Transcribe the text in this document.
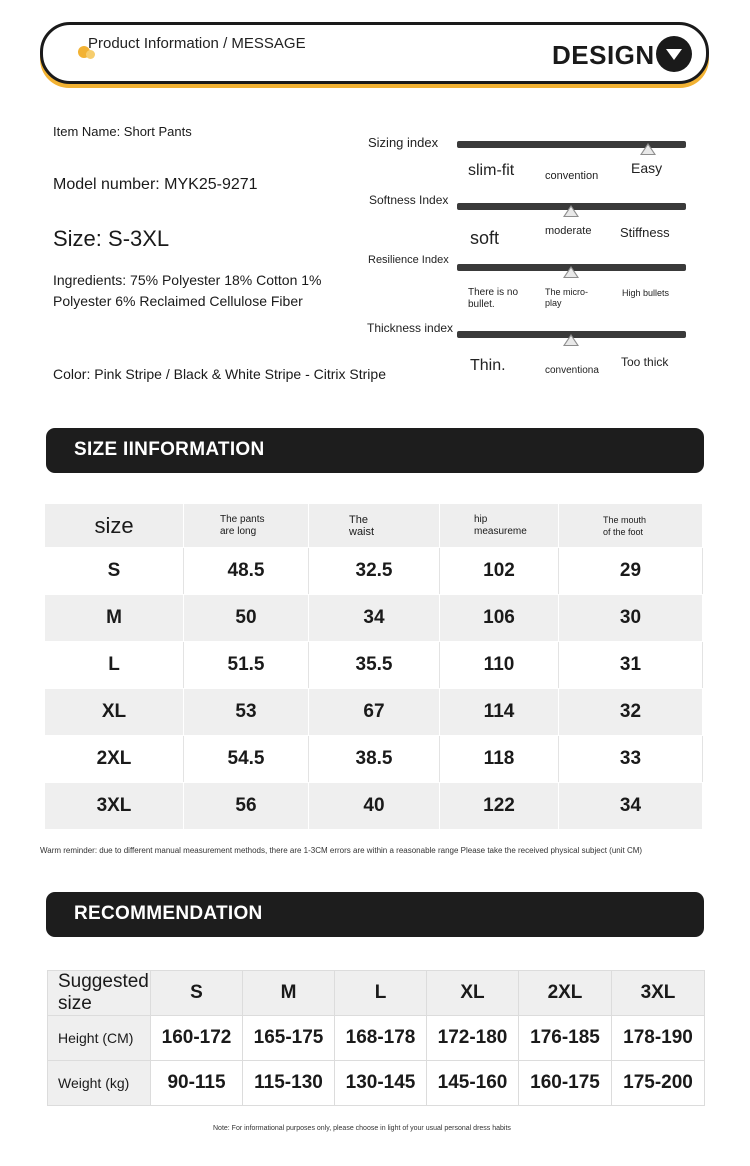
Product Information / MESSAGE	DESIGN
Item Name: Short Pants
Model number: MYK25-9271
Size: S-3XL
Ingredients: 75% Polyester 18% Cotton 1%
Polyester 6% Reclaimed Cellulose Fiber
Color: Pink Stripe / Black & White Stripe - Citrix Stripe
Sizing index
slim-fit	convention Easy
Softness Index
soft	moderate Stiffness
Resilience Index
There is no bullet.
The micro-play
High bullets
Thickness index
Thin.	conventiona
Too thick
SIZE IINFORMATION
size	The pants are long	The waist	hip measureme	The mouth of the foot

S	48.5	32.5	102	29
M	50	34	106	30
L	51.5	35.5	110	31
XL	53	67	114	32
2XL	54.5	38.5	118	33
3XL	56	40	122	34
Warm reminder: due to different manual measurement methods, there are 1-3CM errors are within a reasonable range Please take the received physical subject (unit CM)
RECOMMENDATION
Suggested size	S	M	L	XL	2XL	3XL
Height (CM)	160-172	165-175	168-178	172-180	176-185	178-190
Weight (kg)	90-115	115-130	130-145	145-160	160-175	175-200
Note: For informational purposes only, please choose in light of your usual personal dress habits
